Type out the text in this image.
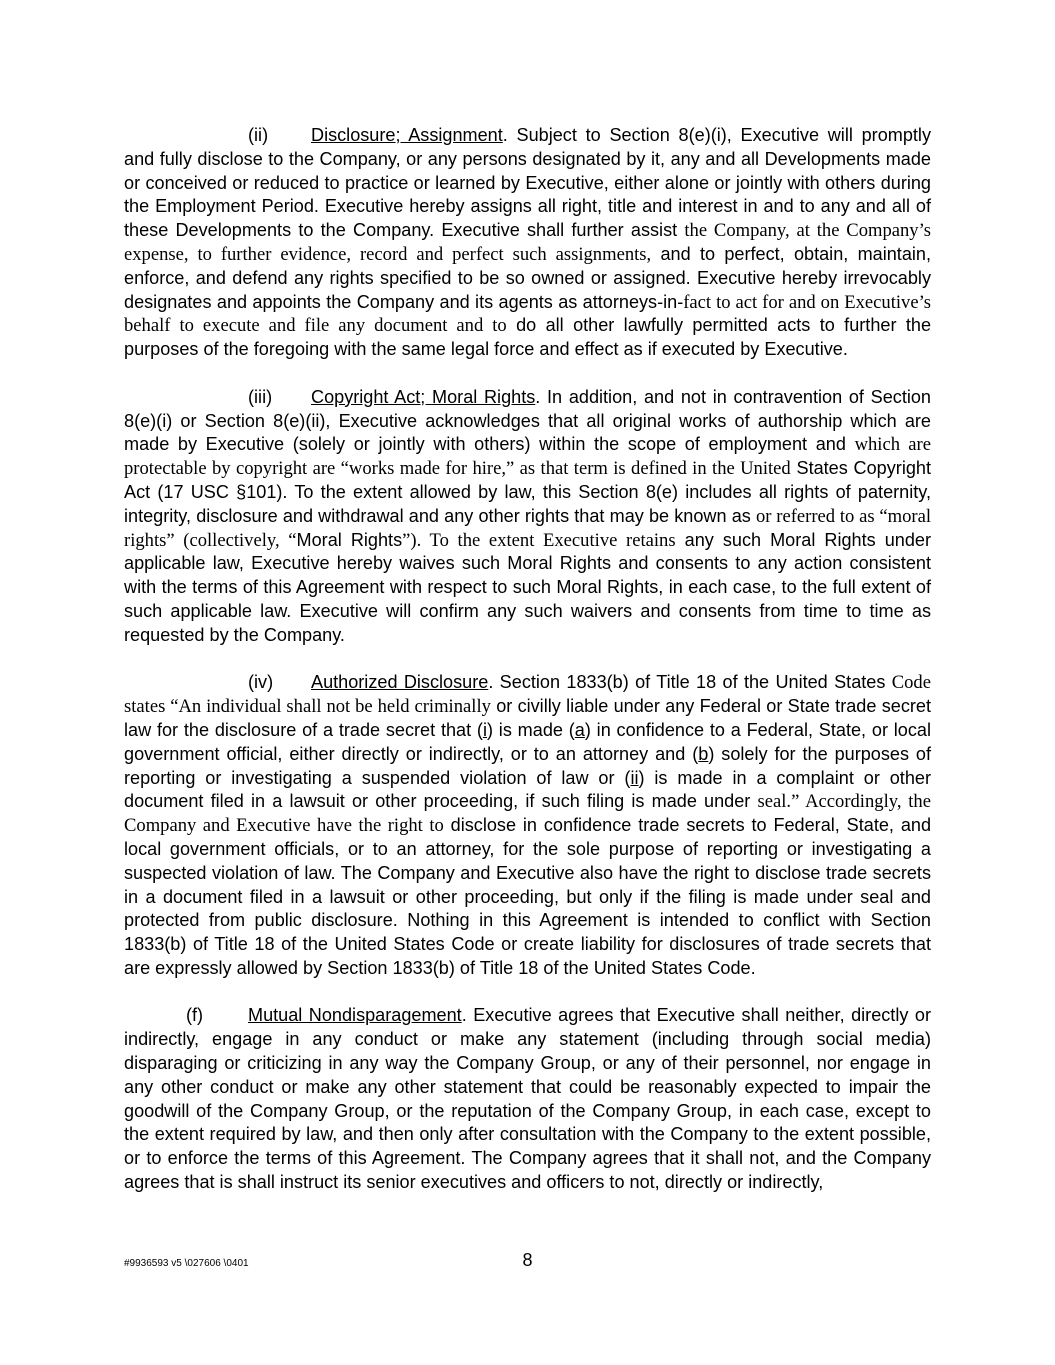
(ii) Disclosure; Assignment. Subject to Section 8(e)(i), Executive will promptly and fully disclose to the Company, or any persons designated by it, any and all Developments made or conceived or reduced to practice or learned by Executive, either alone or jointly with others during the Employment Period. Executive hereby assigns all right, title and interest in and to any and all of these Developments to the Company. Executive shall further assist the Company, at the Company’s expense, to further evidence, record and perfect such assignments, and to perfect, obtain, maintain, enforce, and defend any rights specified to be so owned or assigned. Executive hereby irrevocably designates and appoints the Company and its agents as attorneys-in-fact to act for and on Executive’s behalf to execute and file any document and to do all other lawfully permitted acts to further the purposes of the foregoing with the same legal force and effect as if executed by Executive.

(iii) Copyright Act; Moral Rights. In addition, and not in contravention of Section 8(e)(i) or Section 8(e)(ii), Executive acknowledges that all original works of authorship which are made by Executive (solely or jointly with others) within the scope of employment and which are protectable by copyright are “works made for hire,” as that term is defined in the United States Copyright Act (17 USC §101). To the extent allowed by law, this Section 8(e) includes all rights of paternity, integrity, disclosure and withdrawal and any other rights that may be known as or referred to as “moral rights” (collectively, “Moral Rights”). To the extent Executive retains any such Moral Rights under applicable law, Executive hereby waives such Moral Rights and consents to any action consistent with the terms of this Agreement with respect to such Moral Rights, in each case, to the full extent of such applicable law. Executive will confirm any such waivers and consents from time to time as requested by the Company.

(iv) Authorized Disclosure. Section 1833(b) of Title 18 of the United States Code states “An individual shall not be held criminally or civilly liable under any Federal or State trade secret law for the disclosure of a trade secret that (i) is made (a) in confidence to a Federal, State, or local government official, either directly or indirectly, or to an attorney and (b) solely for the purposes of reporting or investigating a suspended violation of law or (ii) is made in a complaint or other document filed in a lawsuit or other proceeding, if such filing is made under seal.” Accordingly, the Company and Executive have the right to disclose in confidence trade secrets to Federal, State, and local government officials, or to an attorney, for the sole purpose of reporting or investigating a suspected violation of law. The Company and Executive also have the right to disclose trade secrets in a document filed in a lawsuit or other proceeding, but only if the filing is made under seal and protected from public disclosure. Nothing in this Agreement is intended to conflict with Section 1833(b) of Title 18 of the United States Code or create liability for disclosures of trade secrets that are expressly allowed by Section 1833(b) of Title 18 of the United States Code.

(f) Mutual Nondisparagement. Executive agrees that Executive shall neither, directly or indirectly, engage in any conduct or make any statement (including through social media) disparaging or criticizing in any way the Company Group, or any of their personnel, nor engage in any other conduct or make any other statement that could be reasonably expected to impair the goodwill of the Company Group, or the reputation of the Company Group, in each case, except to the extent required by law, and then only after consultation with the Company to the extent possible, or to enforce the terms of this Agreement. The Company agrees that it shall not, and the Company agrees that is shall instruct its senior executives and officers to not, directly or indirectly,

#9936593 v5 \027606 \0401	8
